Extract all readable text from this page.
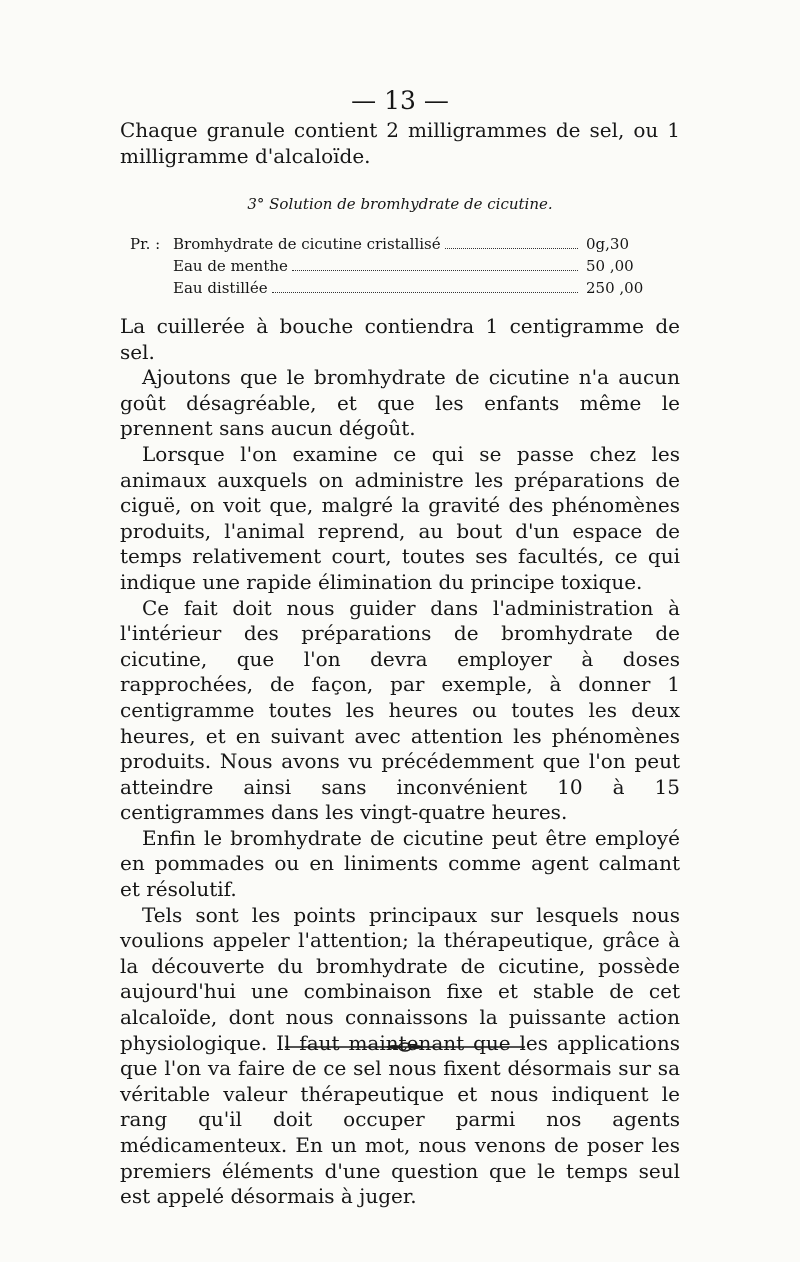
— 13 —

Chaque granule contient 2 milligrammes de sel, ou 1 milligramme d'alcaloïde.

3° Solution de bromhydrate de cicutine.
Pr. : Bromhydrate de cicutine cristallisé	0g,30
Eau de menthe	50 ,00
Eau distillée	250 ,00

La cuillerée à bouche contiendra 1 centigramme de sel.

Ajoutons que le bromhydrate de cicutine n'a aucun goût désagréable, et que les enfants même le prennent sans aucun dégoût.

Lorsque l'on examine ce qui se passe chez les animaux auxquels on administre les préparations de ciguë, on voit que, malgré la gravité des phénomènes produits, l'animal reprend, au bout d'un espace de temps relativement court, toutes ses facultés, ce qui indique une rapide élimination du principe toxique.

Ce fait doit nous guider dans l'administration à l'intérieur des préparations de bromhydrate de cicutine, que l'on devra employer à doses rapprochées, de façon, par exemple, à donner 1 centigramme toutes les heures ou toutes les deux heures, et en suivant avec attention les phénomènes produits. Nous avons vu précédemment que l'on peut atteindre ainsi sans inconvénient 10 à 15 centigrammes dans les vingt-quatre heures.

Enfin le bromhydrate de cicutine peut être employé en pommades ou en liniments comme agent calmant et résolutif.

Tels sont les points principaux sur lesquels nous voulions appeler l'attention; la thérapeutique, grâce à la découverte du bromhydrate de cicutine, possède aujourd'hui une combinaison fixe et stable de cet alcaloïde, dont nous connaissons la puissante action physiologique. Il faut maintenant que les applications que l'on va faire de ce sel nous fixent désormais sur sa véritable valeur thérapeutique et nous indiquent le rang qu'il doit occuper parmi nos agents médicamenteux. En un mot, nous venons de poser les premiers éléments d'une question que le temps seul est appelé désormais à juger.
